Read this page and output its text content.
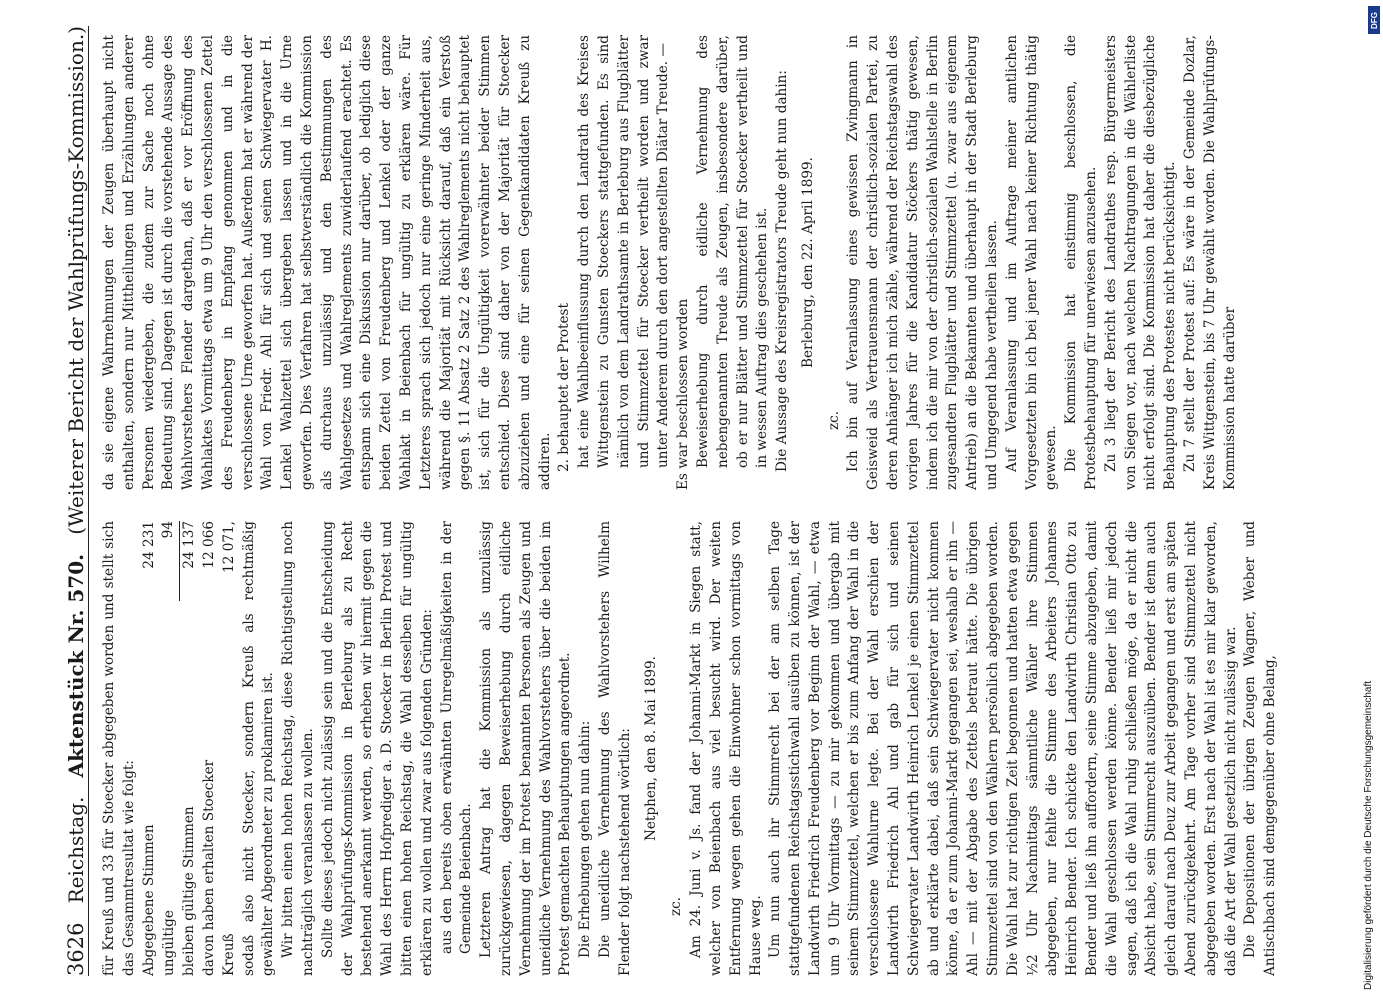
3626
Reichstag.
Aktenstück Nr. 570.
(Weiterer Bericht der Wahlprüfungs-Kommission.)

für Kreuß und 33 für Stoecker abgegeben worden und stellt sich das Gesammtresultat wie folgt: Abgegebene Stimmen	24 231
ungültige	94
bleiben gültige Stimmen	24 137
davon haben erhalten Stoecker	12 066
Kreuß	12 071, sodaß also nicht Stoecker, sondern Kreuß als rechtmäßig gewählter Abgeordneter zu proklamiren ist. Wir bitten einen hohen Reichstag, diese Richtigstellung noch nachträglich veranlassen zu wollen. Sollte dieses jedoch nicht zulässig sein und die Entscheidung der Wahlprüfungs-Kommission in Berleburg als zu Recht bestehend anerkannt werden, so erheben wir hiermit gegen die Wahl des Herrn Hofprediger a. D. Stoecker in Berlin Protest und bitten einen hohen Reichstag, die Wahl desselben für ungültig erklären zu wollen und zwar aus folgenden Gründen: aus den bereits oben erwähnten Unregelmäßigkeiten in der Gemeinde Beienbach. Letzteren Antrag hat die Kommission als unzulässig zurückgewiesen, dagegen Beweiserhebung durch eidliche Vernehmung der im Protest benannten Personen als Zeugen und uneidliche Vernehmung des Wahlvorstehers über die beiden im Protest gemachten Behauptungen angeordnet. Die Erhebungen gehen nun dahin: Die uneidliche Vernehmung des Wahlvorstehers Wilhelm Flender folgt nachstehend wörtlich: Netphen, den 8. Mai 1899.

zc. Am 24. Juni v. Js. fand der Johanni-Markt in Siegen statt, welcher von Beienbach aus viel besucht wird. Der weiten Entfernung wegen gehen die Einwohner schon vormittags von Hause weg. Um nun auch ihr Stimmrecht bei der am selben Tage stattgefundenen Reichstagsstichwahl ausüben zu können, ist der Landwirth Friedrich Freudenberg vor Beginn der Wahl, — etwa um 9 Uhr Vormittags — zu mir gekommen und übergab mit seinem Stimmzettel, welchen er bis zum Anfang der Wahl in die verschlossene Wahlurne legte. Bei der Wahl erschien der Landwirth Friedrich Ahl und gab für sich und seinen Schwiegervater Landwirth Heinrich Lenkel je einen Stimmzettel ab und erklärte dabei, daß sein Schwiegervater nicht kommen könne, da er zum Johanni-Markt gegangen sei, weshalb er ihn — Ahl — mit der Abgabe des Zettels betraut hätte. Die übrigen Stimmzettel sind von den Wählern persönlich abgegeben worden. Die Wahl hat zur richtigen Zeit begonnen und hatten etwa gegen ½2 Uhr Nachmittags sämmtliche Wähler ihre Stimmen abgegeben, nur fehlte die Stimme des Arbeiters Johannes Heinrich Bender. Ich schickte den Landwirth Christian Otto zu Bender und ließ ihn auffordern, seine Stimme abzugeben, damit die Wahl geschlossen werden könne. Bender ließ mir jedoch sagen, daß ich die Wahl ruhig schließen möge, da er nicht die Absicht habe, sein Stimmrecht auszuüben. Bender ist denn auch gleich darauf nach Deuz zur Arbeit gegangen und erst am späten Abend zurückgekehrt. Am Tage vorher sind Stimmzettel nicht abgegeben worden. Erst nach der Wahl ist es mir klar geworden, daß die Art der Wahl gesetzlich nicht zulässig war. Die Depositionen der übrigen Zeugen Wagner, Weber und Antischbach sind demgegenüber ohne Belang,

da sie eigene Wahrnehmungen der Zeugen überhaupt nicht enthalten, sondern nur Mittheilungen und Erzählungen anderer Personen wiedergeben, die zudem zur Sache noch ohne Bedeutung sind. Dagegen ist durch die vorstehende Aussage des Wahlvorstehers Flender dargethan, daß er vor Eröffnung des Wahlaktes Vormittags etwa um 9 Uhr den verschlossenen Zettel des Freudenberg in Empfang genommen und in die verschlossene Urne geworfen hat. Außerdem hat er während der Wahl von Friedr. Ahl für sich und seinen Schwiegervater H. Lenkel Wahlzettel sich übergeben lassen und in die Urne geworfen. Dies Verfahren hat selbstverständlich die Kommission als durchaus unzulässig und den Bestimmungen des Wahlgesetzes und Wahlreglements zuwiderlaufend erachtet. Es entspann sich eine Diskussion nur darüber, ob lediglich diese beiden Zettel von Freudenberg und Lenkel oder der ganze Wahlakt in Beienbach für ungültig zu erklären wäre. Für Letzteres sprach sich jedoch nur eine geringe Minderheit aus, während die Majorität mit Rücksicht darauf, daß ein Verstoß gegen §. 11 Absatz 2 Satz 2 des Wahlreglements nicht behauptet ist, sich für die Ungültigkeit vorerwähnter beider Stimmen entschied. Diese sind daher von der Majorität für Stoecker abzuziehen und eine für seinen Gegenkandidaten Kreuß zu addiren. 2. behauptet der Protest hat eine Wahlbeeinflussung durch den Landrath des Kreises Wittgenstein zu Gunsten Stoeckers stattgefunden. Es sind nämlich von dem Landrathsamte in Berleburg aus Flugblätter und Stimmzettel für Stoecker vertheilt worden und zwar unter Anderem durch den dort angestellten Diätar Treude. — Es war beschlossen worden Beweiserhebung durch eidliche Vernehmung des nebengenannten Treude als Zeugen, insbesondere darüber, ob er nur Blätter und Stimmzettel für Stoecker vertheilt und in wessen Auftrag dies geschehen ist. Die Aussage des Kreisregistrators Treude geht nun dahin: Berleburg, den 22. April 1899.

zc. Ich bin auf Veranlassung eines gewissen Zwingmann in Geisweid als Vertrauensmann der christlich-sozialen Partei, zu deren Anhänger ich mich zähle, während der Reichstagswahl des vorigen Jahres für die Kandidatur Stöckers thätig gewesen, indem ich die mir von der christlich-sozialen Wahlstelle in Berlin zugesandten Flugblätter und Stimmzettel (u. zwar aus eigenem Antrieb) an die Bekannten und überhaupt in der Stadt Berleburg und Umgegend habe vertheilen lassen. Auf Veranlassung und im Auftrage meiner amtlichen Vorgesetzten bin ich bei jener Wahl nach keiner Richtung thätig gewesen. Die Kommission hat einstimmig beschlossen, die Protestbehauptung für unerwiesen anzusehen. Zu 3 liegt der Bericht des Landrathes resp. Bürgermeisters von Siegen vor, nach welchen Nachtragungen in die Wählerliste nicht erfolgt sind. Die Kommission hat daher die diesbezügliche Behauptung des Protestes nicht berücksichtigt. Zu 7 stellt der Protest auf: Es wäre in der Gemeinde Dozlar, Kreis Wittgenstein, bis 7 Uhr gewählt worden. Die Wahlprüfungs-Kommission hatte darüber

DFG
Digitalisierung gefördert durch die Deutsche Forschungsgemeinschaft
